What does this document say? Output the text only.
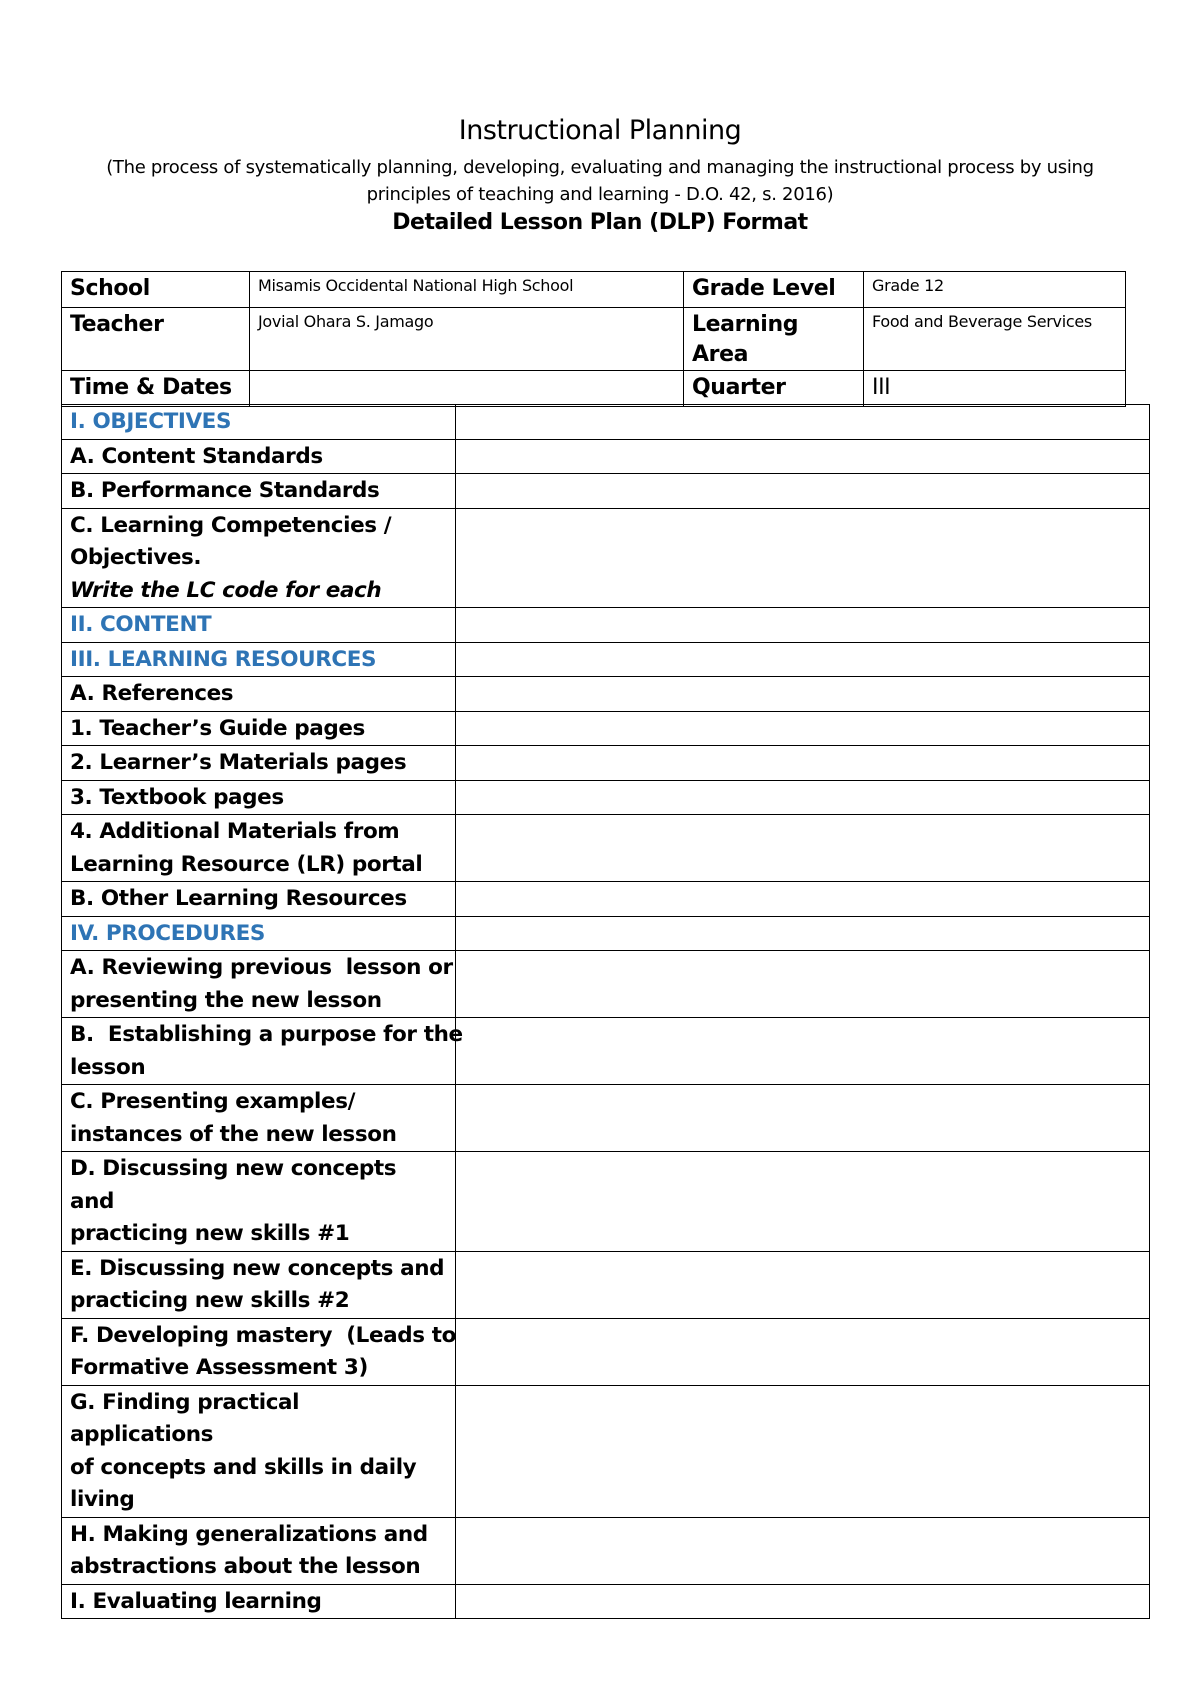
Instructional Planning
(The process of systematically planning, developing, evaluating and managing the instructional process by using
principles of teaching and learning - D.O. 42, s. 2016)
Detailed Lesson Plan (DLP) Format
School	Misamis Occidental National High School	Grade Level	Grade 12
Teacher	Jovial Ohara S. Jamago	Learning Area	Food and Beverage Services
Time & Dates		Quarter	III
I. OBJECTIVES	
A. Content Standards	
B. Performance Standards	

C. Learning Competencies /
Objectives.
Write the LC code for each	

II. CONTENT	
III. LEARNING RESOURCES	
A. References	
1. Teacher’s Guide pages	
2. Learner’s Materials pages	
3. Textbook pages	

4. Additional Materials from
Learning Resource (LR) portal	

B. Other Learning Resources	
IV. PROCEDURES	

A. Reviewing previous  lesson or
presenting the new lesson	

B.  Establishing a purpose for the
lesson	

C. Presenting examples/
instances of the new lesson	

D. Discussing new concepts and
practicing new skills #1	

E. Discussing new concepts and
practicing new skills #2	

F. Developing mastery  (Leads to
Formative Assessment 3)	

G. Finding practical applications
of concepts and skills in daily
living	

H. Making generalizations and
abstractions about the lesson	

I. Evaluating learning	
